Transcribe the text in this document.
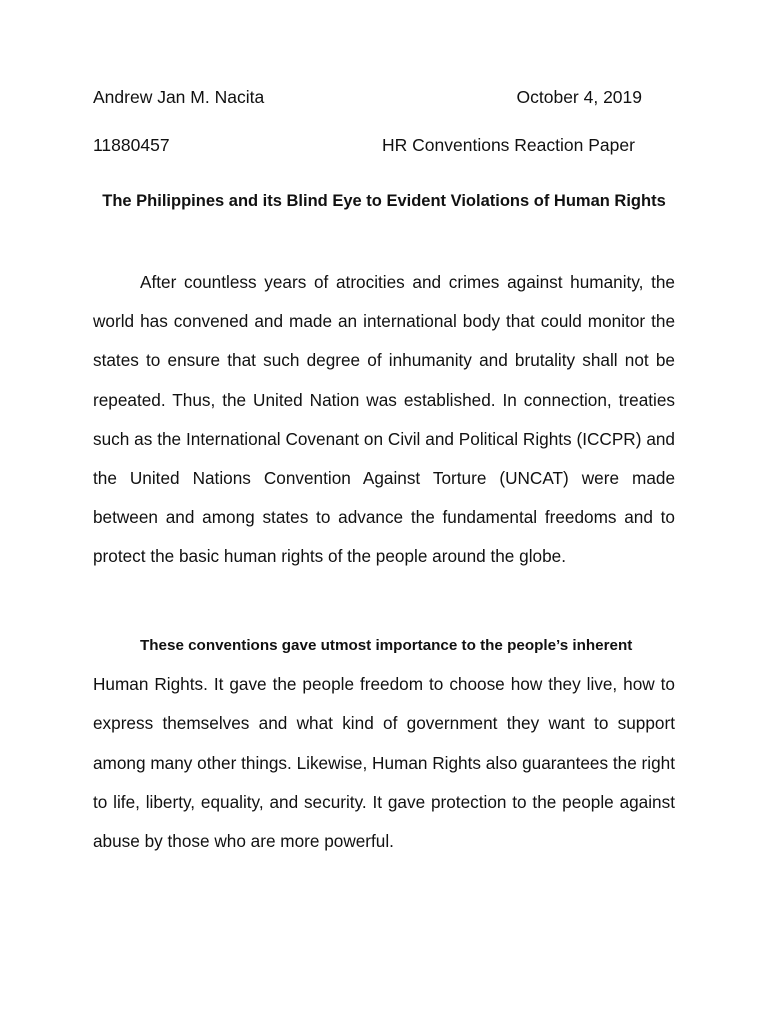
Andrew Jan M. Nacita	October 4, 2019
11880457	HR Conventions Reaction Paper
The Philippines and its Blind Eye to Evident Violations of Human Rights

After countless years of atrocities and crimes against humanity, the world has convened and made an international body that could monitor the states to ensure that such degree of inhumanity and brutality shall not be repeated. Thus, the United Nation was established. In connection, treaties such as the International Covenant on Civil and Political Rights (ICCPR) and the United Nations Convention Against Torture (UNCAT) were made between and among states to advance the fundamental freedoms and to protect the basic human rights of the people around the globe.

These conventions gave utmost importance to the people’s inherent
Human Rights. It gave the people freedom to choose how they live, how to express themselves and what kind of government they want to support among many other things. Likewise, Human Rights also guarantees the right to life, liberty, equality, and security. It gave protection to the people against abuse by those who are more powerful.
